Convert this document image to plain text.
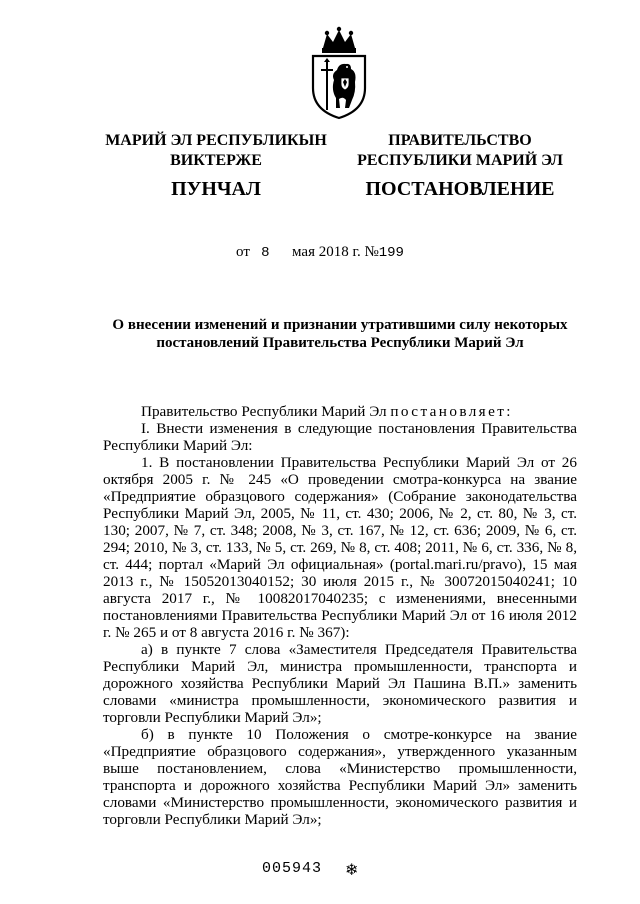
МАРИЙ ЭЛ РЕСПУБЛИКЫН
ВИКТЕРЖЕ
ПУНЧАЛ
ПРАВИТЕЛЬСТВО
РЕСПУБЛИКИ МАРИЙ ЭЛ
ПОСТАНОВЛЕНИЕ
от 8 мая 2018 г. №199
О внесении изменений и признании утратившими силу некоторых
постановлений Правительства Республики Марий Эл

Правительство Республики Марий Эл постановляет:

I. Внести изменения в следующие постановления Правительства Республики Марий Эл:

1. В постановлении Правительства Республики Марий Эл от 26 октября 2005 г. № 245 «О проведении смотра-конкурса на звание «Предприятие образцового содержания» (Собрание законодательства Республики Марий Эл, 2005, № 11, ст. 430; 2006, № 2, ст. 80, № 3, ст. 130; 2007, № 7, ст. 348; 2008, № 3, ст. 167, № 12, ст. 636; 2009, № 6, ст. 294; 2010, № 3, ст. 133, № 5, ст. 269, № 8, ст. 408; 2011, № 6, ст. 336, № 8, ст. 444; портал «Марий Эл официальная» (portal.mari.ru/pravo), 15 мая 2013 г., № 15052013040152; 30 июля 2015 г., № 30072015040241; 10 августа 2017 г., № 10082017040235; с изменениями, внесенными постановлениями Правительства Республики Марий Эл от 16 июля 2012 г. № 265 и от 8 августа 2016 г. № 367):

а) в пункте 7 слова «Заместителя Председателя Правительства Республики Марий Эл, министра промышленности, транспорта и дорожного хозяйства Республики Марий Эл Пашина В.П.» заменить словами «министра промышленности, экономического развития и торговли Республики Марий Эл»;

б) в пункте 10 Положения о смотре-конкурсе на звание «Предприятие образцового содержания», утвержденного указанным выше постановлением, слова «Министерство промышленности, транспорта и дорожного хозяйства Республики Марий Эл» заменить словами «Министерство промышленности, экономического развития и торговли Республики Марий Эл»;

005943 ❄
